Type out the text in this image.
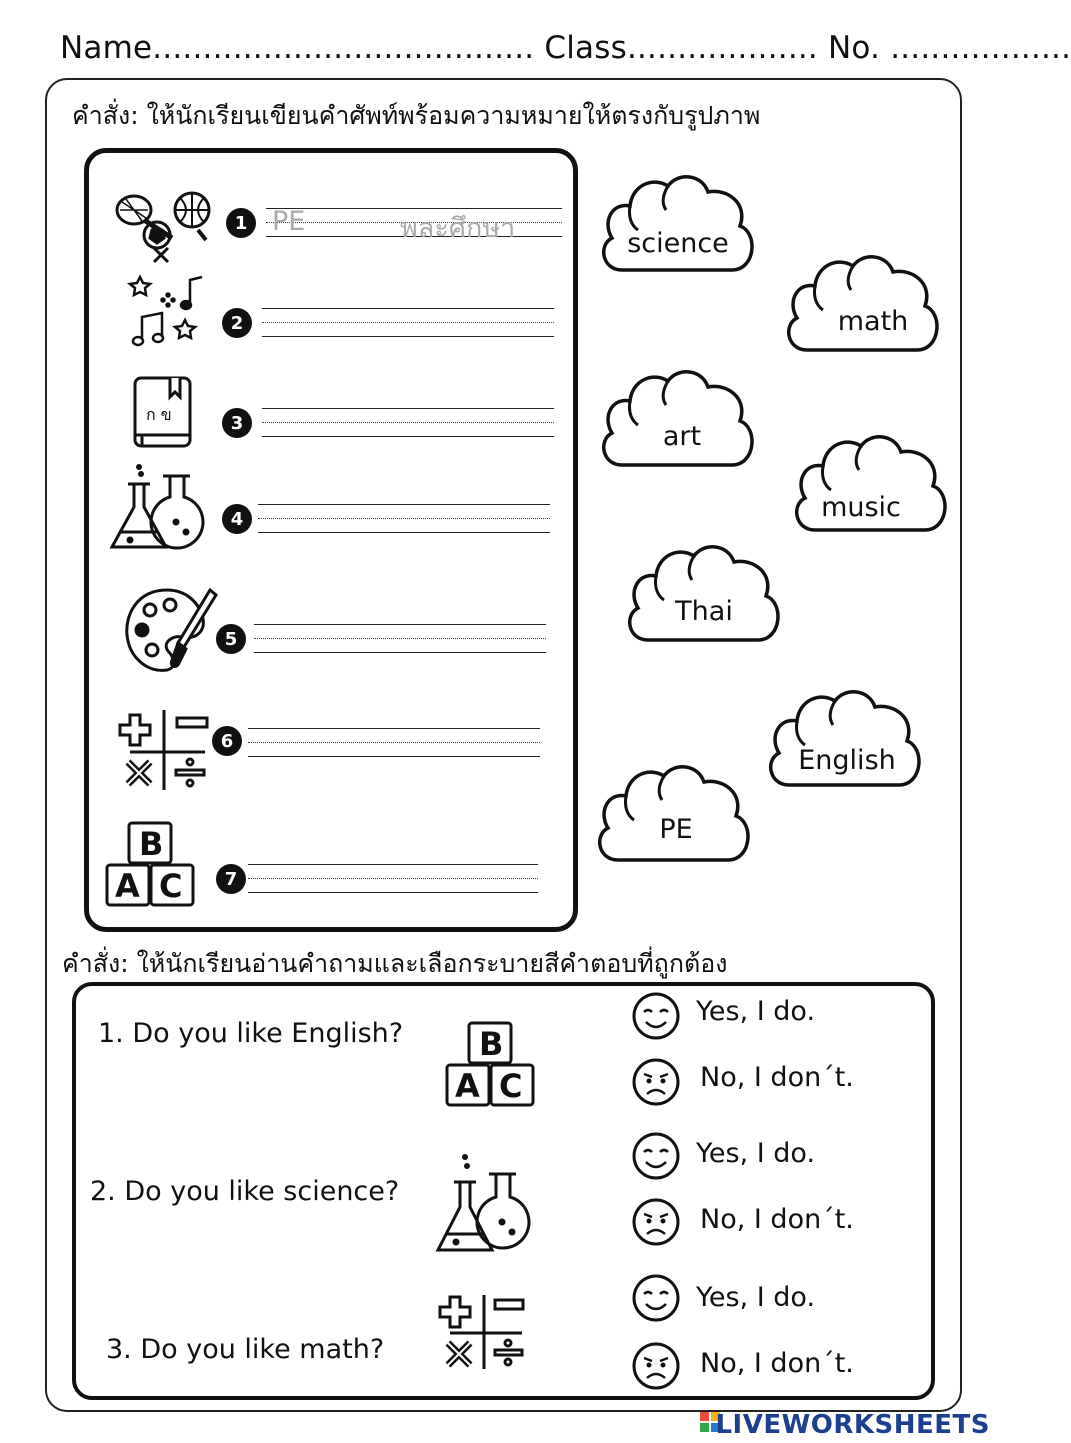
Name...................................... Class................... No. ..................
คำสั่ง: ให้นักเรียนเขียนคำศัพท์พร้อมความหมายให้ตรงกับรูปภาพ
ก ข
B
A C
1 PE	พละศึกษา
2
3
4
5
6
7
science
math
art
music
Thai
English
PE
คำสั่ง: ให้นักเรียนอ่านคำถามและเลือกระบายสีคำตอบที่ถูกต้อง
1. Do you like English? B
A C
Yes, I do.
No, I don´t.
2. Do you like science?
Yes, I do.
No, I don´t.
3. Do you like math?
Yes, I do.
No, I don´t.
LIVEWORKSHEETS
